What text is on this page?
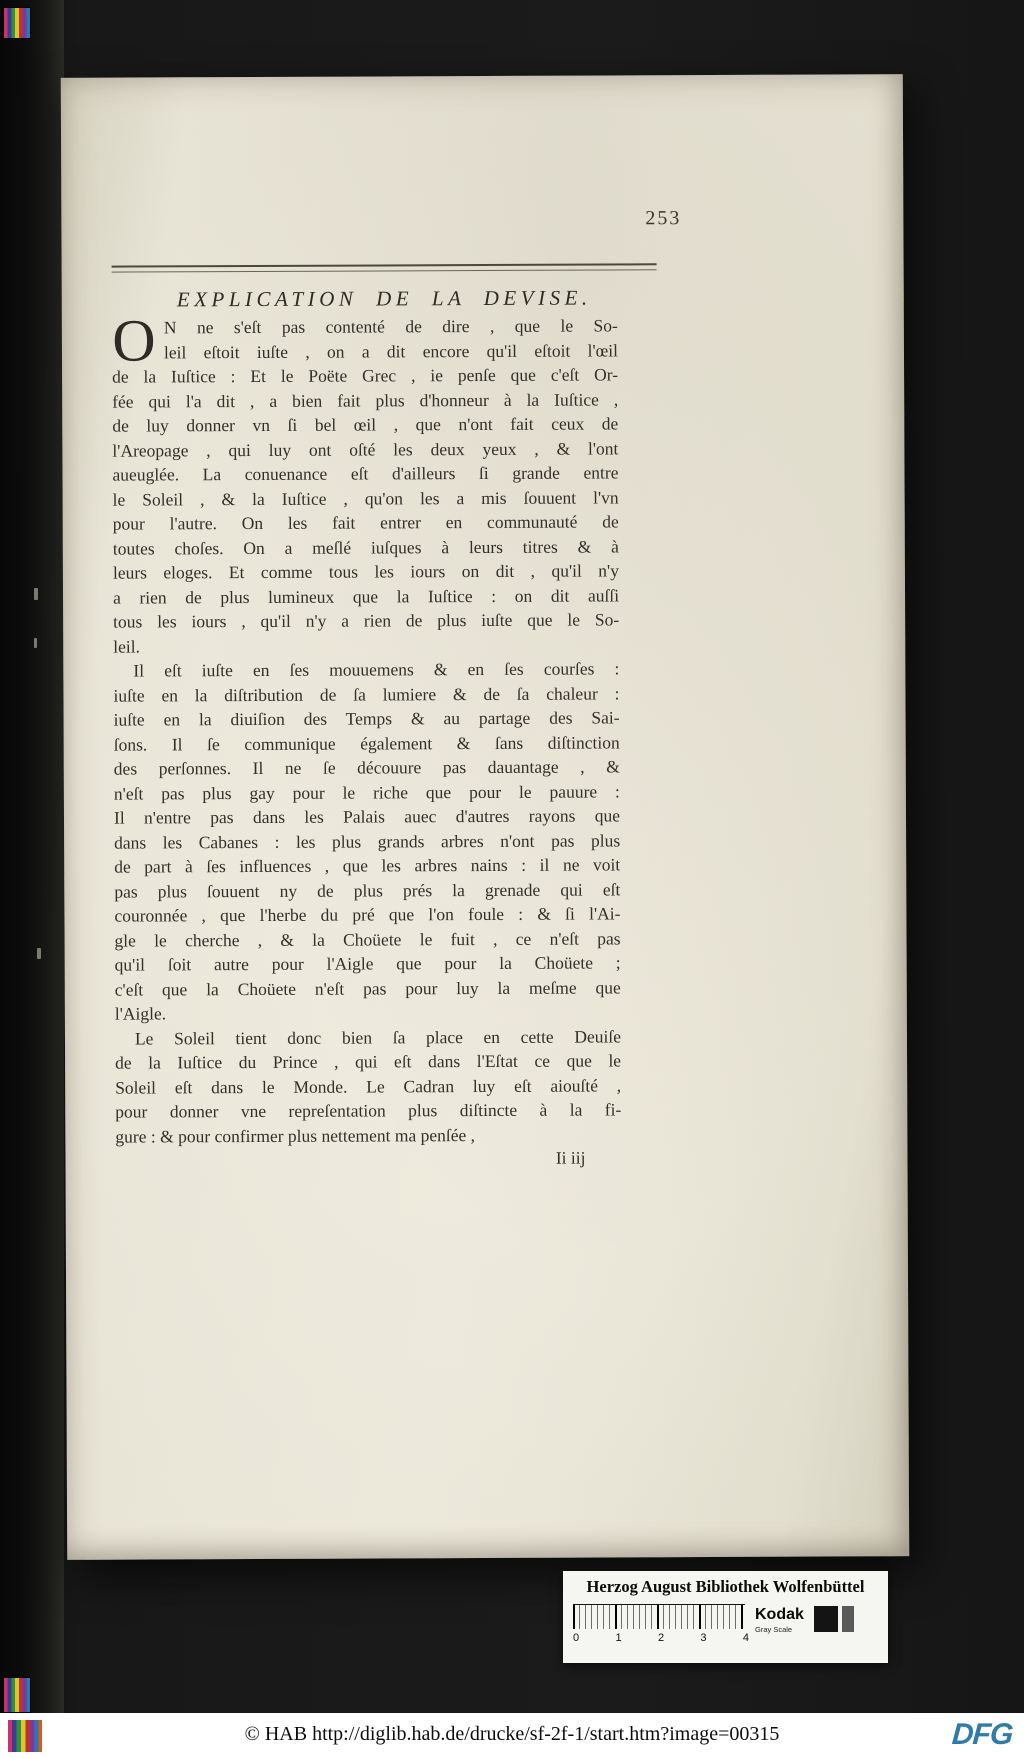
253
EXPLICATION DE LA DEVISE.
O N ne s'eſt pas contenté de dire , que le So-
leil eſtoit iuſte , on a dit encore qu'il eſtoit l'œil
de la Iuſtice : Et le Poëte Grec , ie penſe que c'eſt Or-
fée qui l'a dit , a bien fait plus d'honneur à la Iuſtice ,
de luy donner vn ſi bel œil , que n'ont fait ceux de
l'Areopage , qui luy ont oſté les deux yeux , & l'ont
aueuglée. La conuenance eſt d'ailleurs ſi grande entre
le Soleil , & la Iuſtice , qu'on les a mis ſouuent l'vn
pour l'autre. On les fait entrer en communauté de
toutes choſes. On a meſlé iuſques à leurs titres & à
leurs eloges. Et comme tous les iours on dit , qu'il n'y
a rien de plus lumineux que la Iuſtice : on dit auſſi
tous les iours , qu'il n'y a rien de plus iuſte que le So-
leil.
Il eſt iuſte en ſes mouuemens & en ſes courſes :
iuſte en la diſtribution de ſa lumiere & de ſa chaleur :
iuſte en la diuiſion des Temps & au partage des Sai-
ſons. Il ſe communique également & ſans diſtinction
des perſonnes. Il ne ſe découure pas dauantage , &
n'eſt pas plus gay pour le riche que pour le pauure :
Il n'entre pas dans les Palais auec d'autres rayons que
dans les Cabanes : les plus grands arbres n'ont pas plus
de part à ſes influences , que les arbres nains : il ne voit
pas plus ſouuent ny de plus prés la grenade qui eſt
couronnée , que l'herbe du pré que l'on foule : & ſi l'Ai-
gle le cherche , & la Choüete le fuit , ce n'eſt pas
qu'il ſoit autre pour l'Aigle que pour la Choüete ;
c'eſt que la Choüete n'eſt pas pour luy la meſme que
l'Aigle.
Le Soleil tient donc bien ſa place en cette Deuiſe
de la Iuſtice du Prince , qui eſt dans l'Eſtat ce que le
Soleil eſt dans le Monde. Le Cadran luy eſt aiouſté ,
pour donner vne repreſentation plus diſtincte à la fi-
gure : & pour confirmer plus nettement ma penſée ,
Ii iij
Herzog August Bibliothek Wolfenbüttel
0	1	2	3	4
Kodak
Gray Scale
© HAB http://diglib.hab.de/drucke/sf-2f-1/start.htm?image=00315	DFG
